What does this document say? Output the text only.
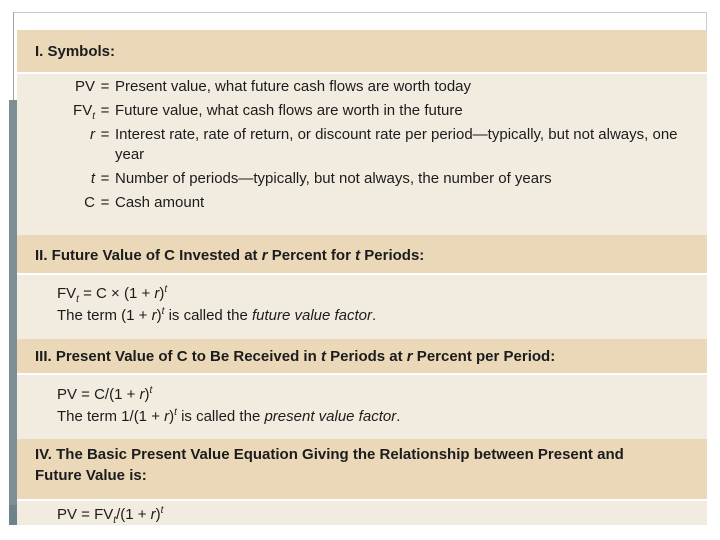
I. Symbols:
PV = Present value, what future cash flows are worth today
$FV_t$ = Future value, what cash flows are worth in the future
r = Interest rate, rate of return, or discount rate per period—typically, but not always, one year
t = Number of periods—typically, but not always, the number of years
C = Cash amount
II. Future Value of C Invested at r Percent for t Periods:
$FV_t = C \times (1 + r)^t$
The term $(1 + r)^t$ is called the future value factor.
III. Present Value of C to Be Received in t Periods at r Percent per Period:
PV = $C/(1 + r)^t$
The term $1/(1 + r)^t$ is called the present value factor.
IV. The Basic Present Value Equation Giving the Relationship between Present and
Future Value is:
PV = $FV_t/(1 + r)^t$
